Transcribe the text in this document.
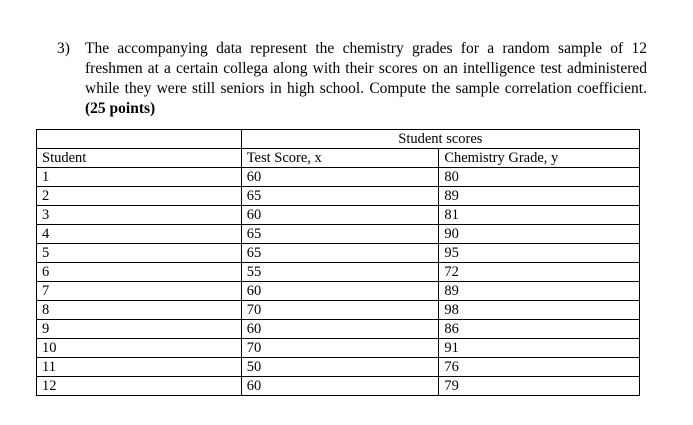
3) The accompanying data represent the chemistry grades for a random sample of 12
freshmen at a certain collega along with their scores on an intelligence test administered
while they were still seniors in high school. Compute the sample correlation coefficient.
(25 points)
	Student scores	
Student	Test Score, x	Chemistry Grade, y
1	60	80
2	65	89
3	60	81
4	65	90
5	65	95
6	55	72
7	60	89
8	70	98
9	60	86
10	70	91
11	50	76
12	60	79
